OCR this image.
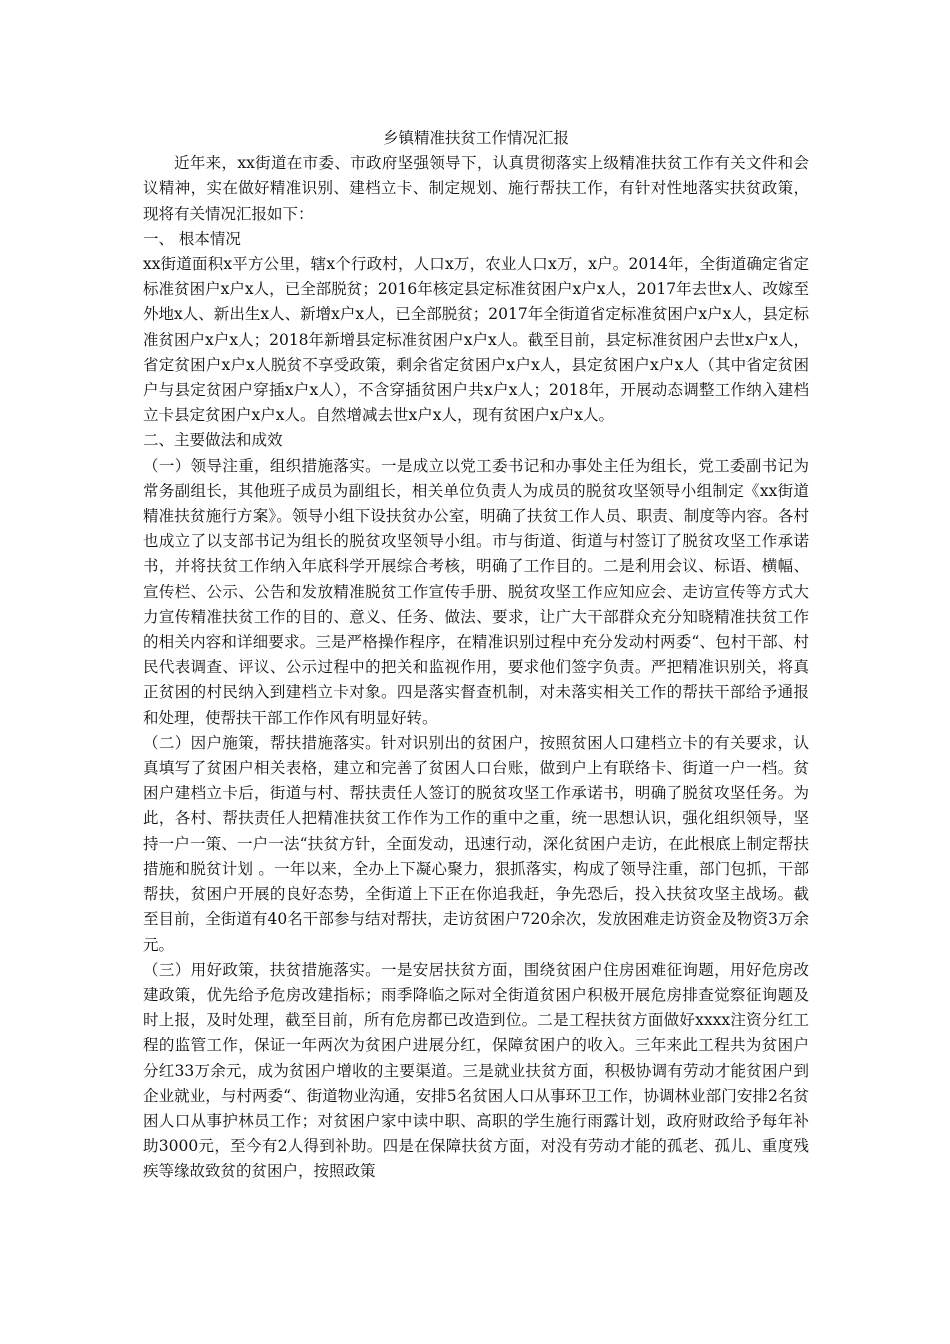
乡镇精准扶贫工作情况汇报

近年来，xx街道在市委、市政府坚强领导下，认真贯彻落实上级精准扶贫工作有关文件和会议精神，实在做好精准识别、建档立卡、制定规划、施行帮扶工作，有针对性地落实扶贫政策，现将有关情况汇报如下：

一、 根本情况

xx街道面积x平方公里，辖x个行政村，人口x万，农业人口x万，x户。2014年，全街道确定省定标准贫困户x户x人，已全部脱贫；2016年核定县定标准贫困户x户x人，2017年去世x人、改嫁至外地x人、新出生x人、新增x户x人，已全部脱贫；2017年全街道省定标准贫困户x户x人，县定标准贫困户x户x人；2018年新增县定标准贫困户x户x人。截至目前，县定标准贫困户去世x户x人，省定贫困户x户x人脱贫不享受政策，剩余省定贫困户x户x人，县定贫困户x户x人（其中省定贫困户与县定贫困户穿插x户x人），不含穿插贫困户共x户x人；2018年，开展动态调整工作纳入建档立卡县定贫困户x户x人。自然增减去世x户x人，现有贫困户x户x人。

二、主要做法和成效

（一）领导注重，组织措施落实。一是成立以党工委书记和办事处主任为组长，党工委副书记为常务副组长，其他班子成员为副组长，相关单位负责人为成员的脱贫攻坚领导小组制定《xx街道精准扶贫施行方案》。领导小组下设扶贫办公室，明确了扶贫工作人员、职责、制度等内容。各村也成立了以支部书记为组长的脱贫攻坚领导小组。市与街道、街道与村签订了脱贫攻坚工作承诺书，并将扶贫工作纳入年底科学开展综合考核，明确了工作目的。二是利用会议、标语、横幅、宣传栏、公示、公告和发放精准脱贫工作宣传手册、脱贫攻坚工作应知应会、走访宣传等方式大力宣传精准扶贫工作的目的、意义、任务、做法、要求，让广大干部群众充分知晓精准扶贫工作的相关内容和详细要求。三是严格操作程序，在精准识别过程中充分发动村两委“、包村干部、村民代表调查、评议、公示过程中的把关和监视作用，要求他们签字负责。严把精准识别关，将真正贫困的村民纳入到建档立卡对象。四是落实督查机制，对未落实相关工作的帮扶干部给予通报和处理，使帮扶干部工作作风有明显好转。

（二）因户施策，帮扶措施落实。针对识别出的贫困户，按照贫困人口建档立卡的有关要求，认真填写了贫困户相关表格，建立和完善了贫困人口台账，做到户上有联络卡、街道一户一档。贫困户建档立卡后，街道与村、帮扶责任人签订的脱贫攻坚工作承诺书，明确了脱贫攻坚任务。为此，各村、帮扶责任人把精准扶贫工作作为工作的重中之重，统一思想认识，强化组织领导，坚持一户一策、一户一法“扶贫方针，全面发动，迅速行动，深化贫困户走访，在此根底上制定帮扶措施和脱贫计划 。一年以来，全办上下凝心聚力，狠抓落实，构成了领导注重，部门包抓，干部帮扶，贫困户开展的良好态势，全街道上下正在你追我赶，争先恐后，投入扶贫攻坚主战场。截至目前，全街道有40名干部参与结对帮扶，走访贫困户720余次，发放困难走访资金及物资3万余元。

（三）用好政策，扶贫措施落实。一是安居扶贫方面，围绕贫困户住房困难征询题，用好危房改建政策，优先给予危房改建指标；雨季降临之际对全街道贫困户积极开展危房排查觉察征询题及时上报，及时处理，截至目前，所有危房都已改造到位。二是工程扶贫方面做好xxxx注资分红工程的监管工作，保证一年两次为贫困户进展分红，保障贫困户的收入。三年来此工程共为贫困户分红33万余元，成为贫困户增收的主要渠道。三是就业扶贫方面，积极协调有劳动才能贫困户到企业就业，与村两委“、街道物业沟通，安排5名贫困人口从事环卫工作，协调林业部门安排2名贫困人口从事护林员工作；对贫困户家中读中职、高职的学生施行雨露计划，政府财政给予每年补助3000元，至今有2人得到补助。四是在保障扶贫方面，对没有劳动才能的孤老、孤儿、重度残疾等缘故致贫的贫困户，按照政策
